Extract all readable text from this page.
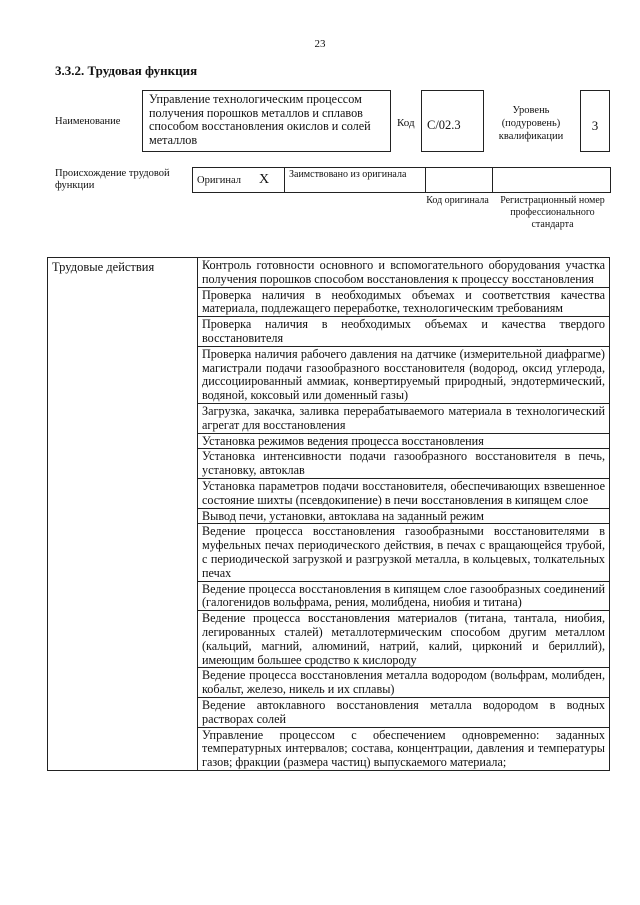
23
3.3.2. Трудовая функция
Наименование
Управление технологическим процессом получения порошков металлов и сплавов способом восстановления окислов и солей металлов
Код С/02.3
Уровень (подуровень) квалификации
3
Происхождение трудовой функции	Оригинал X	Заимствовано из оригинала
Код оригинала	Регистрационный номер профессионального стандарта
Трудовые действия	Контроль готовности основного и вспомогательного оборудования участка получения порошков способом восстановления к процессу восстановления
Проверка наличия в необходимых объемах и соответствия качества материала, подлежащего переработке, технологическим требованиям
Проверка наличия в необходимых объемах и качества твердого восстановителя
Проверка наличия рабочего давления на датчике (измерительной диафрагме) магистрали подачи газообразного восстановителя (водород, оксид углерода, диссоциированный аммиак, конвертируемый природный, эндотермический, водяной, коксовый или доменный газы)
Загрузка, закачка, заливка перерабатываемого материала в технологический агрегат для восстановления
Установка режимов ведения процесса восстановления
Установка интенсивности подачи газообразного восстановителя в печь, установку, автоклав
Установка параметров подачи восстановителя, обеспечивающих взвешенное состояние шихты (псевдокипение) в печи восстановления в кипящем слое
Вывод печи, установки, автоклава на заданный режим
Ведение процесса восстановления газообразными восстановителями в муфельных печах периодического действия, в печах с вращающейся трубой, с периодической загрузкой и разгрузкой металла, в кольцевых, толкательных печах
Ведение процесса восстановления в кипящем слое газообразных соединений (галогенидов вольфрама, рения, молибдена, ниобия и титана)
Ведение процесса восстановления материалов (титана, тантала, ниобия, легированных сталей) металлотермическим способом другим металлом (кальций, магний, алюминий, натрий, калий, цирконий и бериллий), имеющим большее сродство к кислороду
Ведение процесса восстановления металла водородом (вольфрам, молибден, кобальт, железо, никель и их сплавы)
Ведение автоклавного восстановления металла водородом в водных растворах солей
Управление процессом с обеспечением одновременно: заданных температурных интервалов; состава, концентрации, давления и температуры газов; фракции (размера частиц) выпускаемого материала;
